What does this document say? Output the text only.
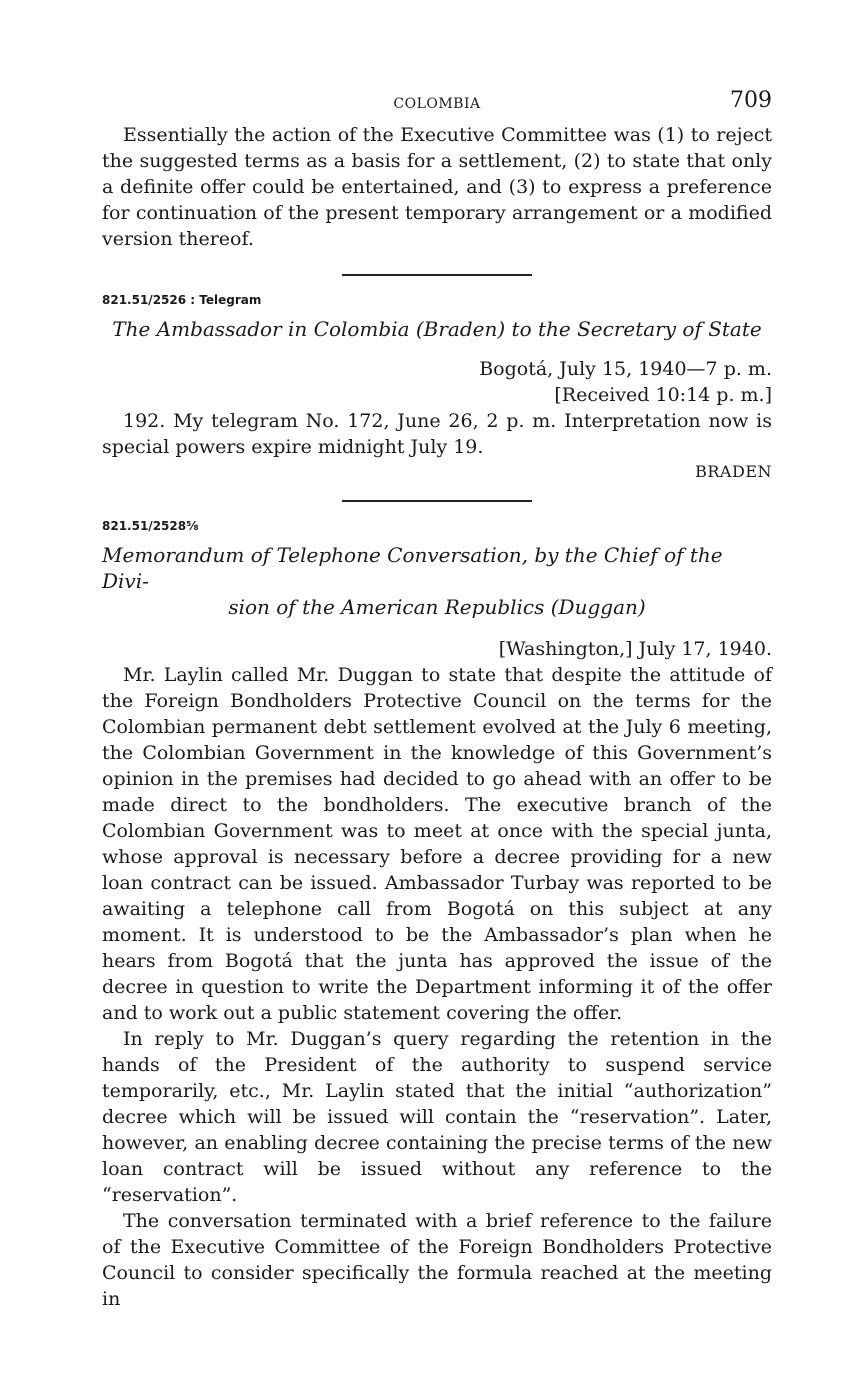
COLOMBIA	709

Essentially the action of the Executive Committee was (1) to reject the suggested terms as a basis for a settlement, (2) to state that only a definite offer could be entertained, and (3) to express a preference for continuation of the present temporary arrangement or a modified version thereof.

821.51/2526 : Telegram
The Ambassador in Colombia (Braden) to the Secretary of State
Bogotá, July 15, 1940—7 p. m.
[Received 10:14 p. m.]

192. My telegram No. 172, June 26, 2 p. m. Interpretation now is special powers expire midnight July 19.

BRADEN
821.51/2528⅝
Memorandum of Telephone Conversation, by the Chief of the Divi-
sion of the American Republics (Duggan)
[Washington,] July 17, 1940.

Mr. Laylin called Mr. Duggan to state that despite the attitude of the Foreign Bondholders Protective Council on the terms for the Colombian permanent debt settlement evolved at the July 6 meeting, the Colombian Government in the knowledge of this Government’s opinion in the premises had decided to go ahead with an offer to be made direct to the bondholders. The executive branch of the Colombian Government was to meet at once with the special junta, whose approval is necessary before a decree providing for a new loan contract can be issued. Ambassador Turbay was reported to be awaiting a telephone call from Bogotá on this subject at any moment. It is understood to be the Ambassador’s plan when he hears from Bogotá that the junta has approved the issue of the decree in question to write the Department informing it of the offer and to work out a public statement covering the offer.

In reply to Mr. Duggan’s query regarding the retention in the hands of the President of the authority to suspend service temporarily, etc., Mr. Laylin stated that the initial “authorization” decree which will be issued will contain the “reservation”. Later, however, an enabling decree containing the precise terms of the new loan contract will be issued without any reference to the “reservation”.

The conversation terminated with a brief reference to the failure of the Executive Committee of the Foreign Bondholders Protective Council to consider specifically the formula reached at the meeting in
